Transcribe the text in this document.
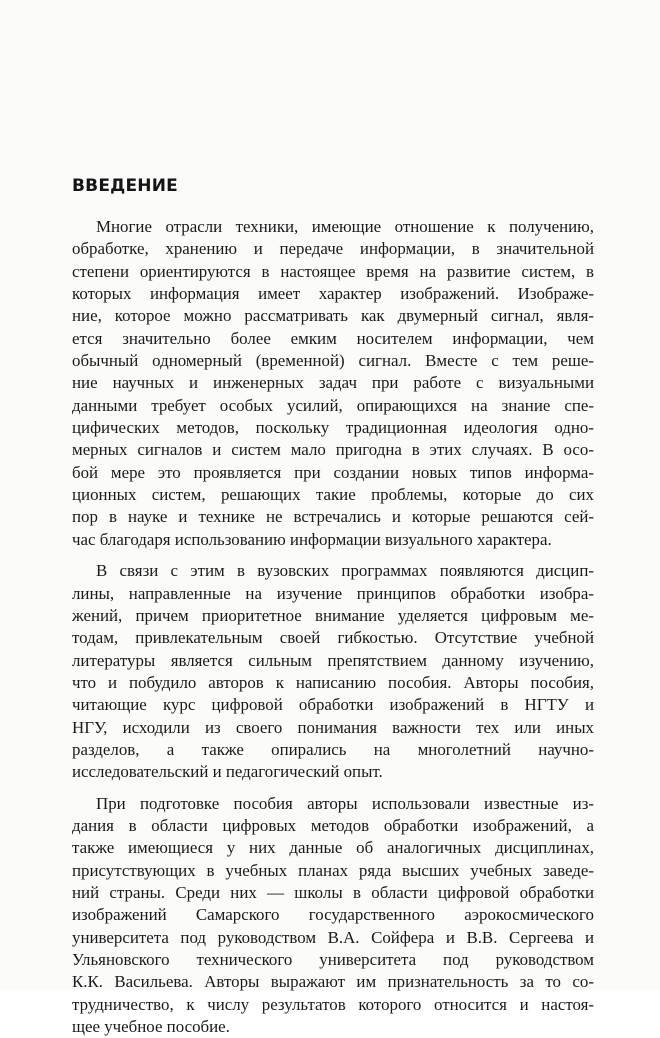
ВВЕДЕНИЕ
Многие отрасли техники, имеющие отношение к получению,
обработке, хранению и передаче информации, в значительной
степени ориентируются в настоящее время на развитие систем, в
которых информация имеет характер изображений. Изображе-
ние, которое можно рассматривать как двумерный сигнал, явля-
ется значительно более емким носителем информации, чем
обычный одномерный (временной) сигнал. Вместе с тем реше-
ние научных и инженерных задач при работе с визуальными
данными требует особых усилий, опирающихся на знание спе-
цифических методов, поскольку традиционная идеология одно-
мерных сигналов и систем мало пригодна в этих случаях. В осо-
бой мере это проявляется при создании новых типов информа-
ционных систем, решающих такие проблемы, которые до сих
пор в науке и технике не встречались и которые решаются сей-
час благодаря использованию информации визуального характера.
В связи с этим в вузовских программах появляются дисцип-
лины, направленные на изучение принципов обработки изобра-
жений, причем приоритетное внимание уделяется цифровым ме-
тодам, привлекательным своей гибкостью. Отсутствие учебной
литературы является сильным препятствием данному изучению,
что и побудило авторов к написанию пособия. Авторы пособия,
читающие курс цифровой обработки изображений в НГТУ и
НГУ, исходили из своего понимания важности тех или иных
разделов, а также опирались на многолетний научно-
исследовательский и педагогический опыт.
При подготовке пособия авторы использовали известные из-
дания в области цифровых методов обработки изображений, а
также имеющиеся у них данные об аналогичных дисциплинах,
присутствующих в учебных планах ряда высших учебных заведе-
ний страны. Среди них — школы в области цифровой обработки
изображений Самарского государственного аэрокосмического
университета под руководством В.А. Сойфера и В.В. Сергеева и
Ульяновского технического университета под руководством
К.К. Васильева. Авторы выражают им признательность за то со-
трудничество, к числу результатов которого относится и настоя-
щее учебное пособие.
